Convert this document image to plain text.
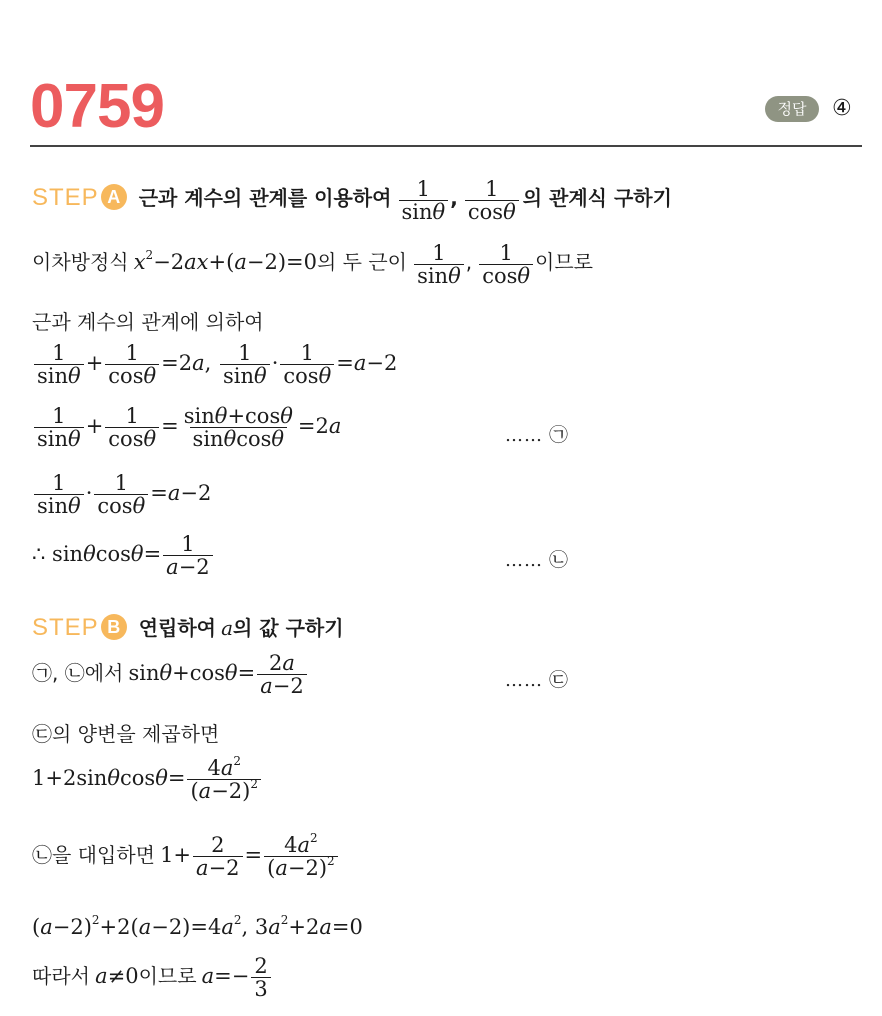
0759	정답	④
STEP A 근과 계수의 관계를 이용하여 $\frac{1}{\sin\theta}$ , $\frac{1}{\cos\theta}$ 의 관계식 구하기
이차방정식 $x^2-2ax+(a-2)=0$의 두 근이 $\frac{1}{\sin\theta}$ , $\frac{1}{\cos\theta}$ 이므로
근과 계수의 관계에 의하여
$\frac{1}{\sin\theta} + \frac{1}{\cos\theta} =2a$, $\frac{1}{\sin\theta} \cdot \frac{1}{\cos\theta} =a-2$
$\frac{1}{\sin\theta} + \frac{1}{\cos\theta} = \frac{\sin\theta+\cos\theta}{\sin\theta\cos\theta} =2a$	…… ㉠
$\frac{1}{\sin\theta} \cdot \frac{1}{\cos\theta} =a-2$
∴ $\sin\theta\cos\theta= \frac{1}{a-2}$	…… ㉡
STEP B 연립하여 a의 값 구하기
㉠, ㉡에서 $\sin\theta+\cos\theta= \frac{2a}{a-2}$	…… ㉢
㉢의 양변을 제곱하면
$1+2\sin\theta\cos\theta= \frac{4a^2}{(a-2)^2}$
㉡을 대입하면 $1+ \frac{2}{a-2} = \frac{4a^2}{(a-2)^2}$
$(a-2)^2+2(a-2)=4a^2$, $3a^2+2a=0$
따라서 a≠0이므로 $a=- \frac{2}{3}$
